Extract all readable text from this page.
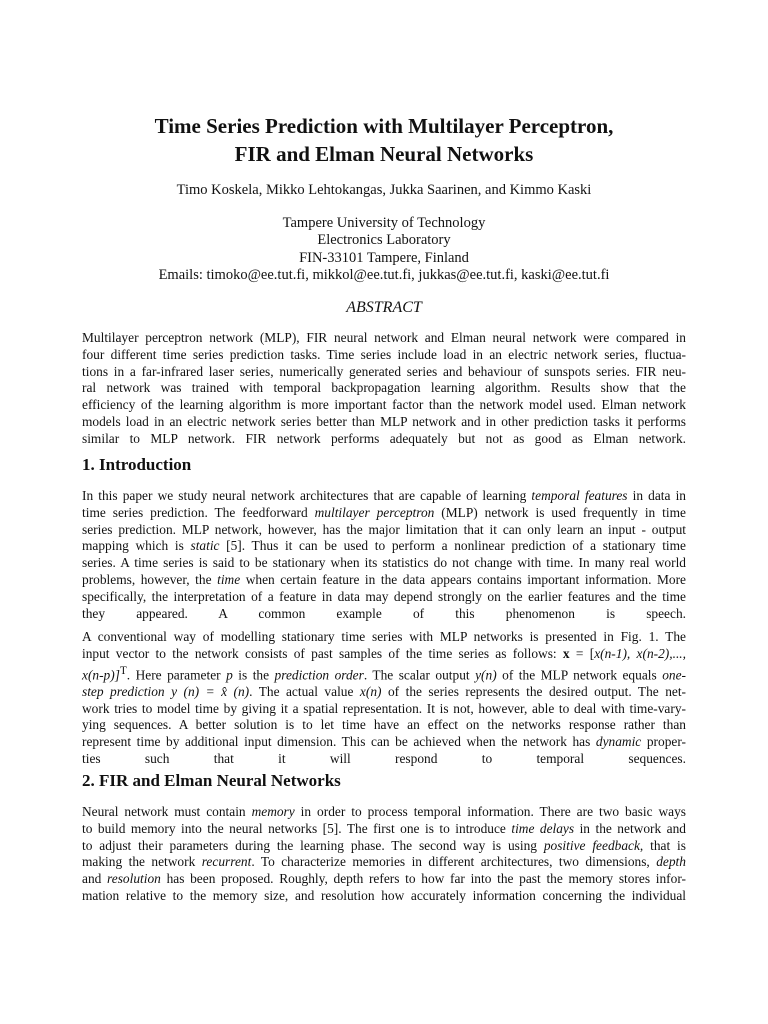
Time Series Prediction with Multilayer Perceptron,
FIR and Elman Neural Networks
Timo Koskela, Mikko Lehtokangas, Jukka Saarinen, and Kimmo Kaski
Tampere University of Technology
Electronics Laboratory
FIN-33101 Tampere, Finland
Emails: timoko@ee.tut.fi, mikkol@ee.tut.fi, jukkas@ee.tut.fi, kaski@ee.tut.fi
ABSTRACT
Multilayer perceptron network (MLP), FIR neural network and Elman neural network were compared in
four different time series prediction tasks. Time series include load in an electric network series, fluctua-
tions in a far-infrared laser series, numerically generated series and behaviour of sunspots series. FIR neu-
ral network was trained with temporal backpropagation learning algorithm. Results show that the
efficiency of the learning algorithm is more important factor than the network model used. Elman network
models load in an electric network series better than MLP network and in other prediction tasks it performs
similar to MLP network. FIR network performs adequately but not as good as Elman network.
1. Introduction
In this paper we study neural network architectures that are capable of learning temporal features in data in
time series prediction. The feedforward multilayer perceptron (MLP) network is used frequently in time
series prediction. MLP network, however, has the major limitation that it can only learn an input - output
mapping which is static [5]. Thus it can be used to perform a nonlinear prediction of a stationary time
series. A time series is said to be stationary when its statistics do not change with time. In many real world
problems, however, the time when certain feature in the data appears contains important information. More
specifically, the interpretation of a feature in data may depend strongly on the earlier features and the time
they appeared. A common example of this phenomenon is speech.
A conventional way of modelling stationary time series with MLP networks is presented in Fig. 1. The
input vector to the network consists of past samples of the time series as follows: x = [x(n-1), x(n-2),...,
x(n-p)]$^T$. Here parameter p is the prediction order. The scalar output y(n) of the MLP network equals one-
step prediction y (n) = x̂ (n). The actual value x(n) of the series represents the desired output. The net-
work tries to model time by giving it a spatial representation. It is not, however, able to deal with time-vary-
ying sequences. A better solution is to let time have an effect on the networks response rather than
represent time by additional input dimension. This can be achieved when the network has dynamic proper-
ties such that it will respond to temporal sequences.
2. FIR and Elman Neural Networks
Neural network must contain memory in order to process temporal information. There are two basic ways
to build memory into the neural networks [5]. The first one is to introduce time delays in the network and
to adjust their parameters during the learning phase. The second way is using positive feedback, that is
making the network recurrent. To characterize memories in different architectures, two dimensions, depth
and resolution has been proposed. Roughly, depth refers to how far into the past the memory stores infor-
mation relative to the memory size, and resolution how accurately information concerning the individual
